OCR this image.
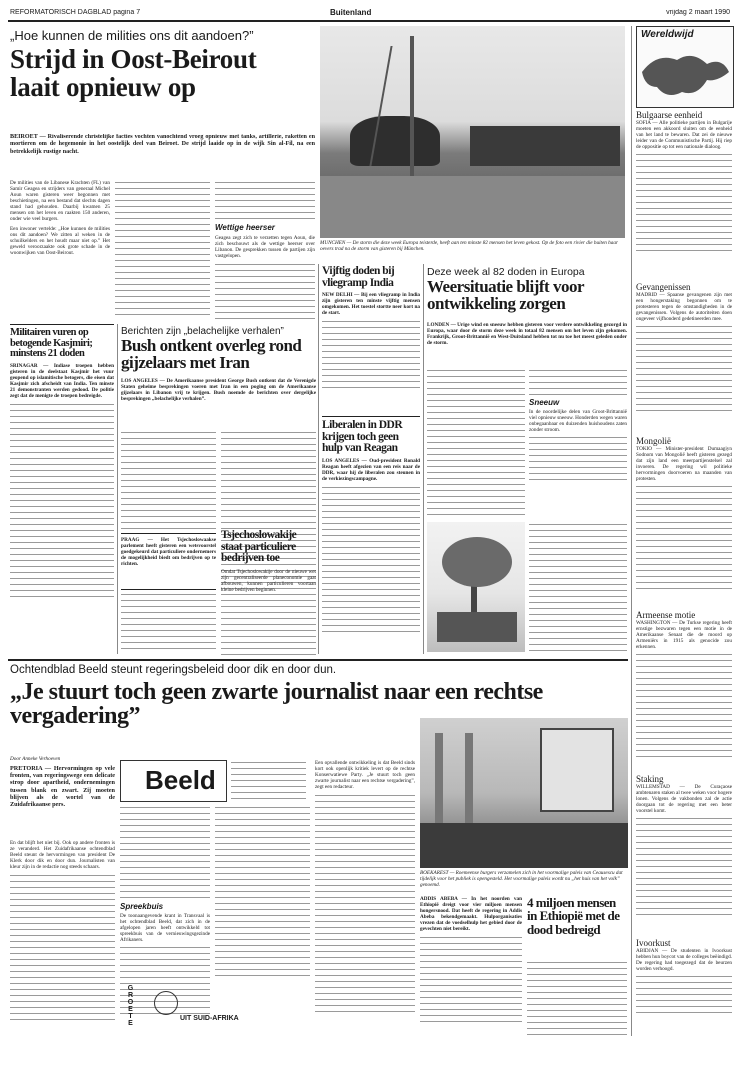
REFORMATORISCH DAGBLAD pagina 7	Buitenland	vrijdag 2 maart 1990
„Hoe kunnen de milities ons dit aandoen?”
Strijd in Oost-Beirout laait opnieuw op
BEIROET — Rivaliserende christelijke facties vochten vanochtend vroeg opnieuw met tanks, artillerie, raketten en mortieren om de hegemonie in het oostelijk deel van Beiroet. De strijd laaide op in de wijk Sin al-Fil, na een betrekkelijk rustige nacht.
De milities van de Libanese Krachten (FL) van Samir Geagea en strijders van generaal Michel Aoun waren gisteren weer begonnen met beschietingen, na een bestand dat slechts dagen stand had gehouden. Daarbij kwamen 25 mensen om het leven en raakten 150 anderen, onder wie veel burgers.
Een inwoner vertelde: „Hoe kunnen de milities ons dit aandoen? We zitten al weken in de schuilkelders en het houdt maar niet op.” Het geweld veroorzaakte ook grote schade in de woonwijken van Oost-Beirout.
Wettige heerser
Geagea zegt zich te verzetten tegen Aoun, die zich beschouwt als de wettige heerser over Libanon. De gesprekken tussen de partijen zijn vastgelopen.
MÜNCHEN — De storm die deze week Europa teisterde, heeft aan ten minste 82 mensen het leven gekost. Op de foto een rivier die buiten haar oevers trad na de storm van gisteren bij München.
Wereldwijd
Bulgaarse eenheid
SOFIA — Alle politieke partijen in Bulgarije moeten een akkoord sluiten om de eenheid van het land te bewaren. Dat zei de nieuwe leider van de Communistische Partij. Hij riep de oppositie op tot een nationale dialoog.
Gevangenissen
MADRID — Spaanse gevangenen zijn met een hongerstaking begonnen om te protesteren tegen de omstandigheden in de gevangenissen. Volgens de autoriteiten doen ongeveer vijfhonderd gedetineerden mee.
Mongolië
TOKIO — Minister-president Dumaagiyn Sodnom van Mongolië heeft gisteren gezegd dat zijn land een meerpartijenstelsel zal invoeren. De regering wil politieke hervormingen doorvoeren na maanden van protesten.
Armeense motie
WASHINGTON — De Turkse regering heeft ernstige bezwaren tegen een motie in de Amerikaanse Senaat die de moord op Armeniërs in 1915 als genocide zou erkennen.
Staking
WILLEMSTAD — De Curaçaose ambtenaren staken al twee weken voor hogere lonen. Volgens de vakbonden zal de actie doorgaan tot de regering met een beter voorstel komt.
Ivoorkust
ABIDJAN — De studenten in Ivoorkust hebben hun boycot van de colleges beëindigd. De regering had toegezegd dat de beurzen worden verhoogd.
Militairen vuren op betogende Kasjmiri; minstens 21 doden
SRINAGAR — Indiase troepen hebben gisteren in de deelstaat Kasjmir het vuur geopend op islamitische betogers, die eisen dat Kasjmir zich afscheidt van India. Ten minste 21 demonstranten werden gedood. De politie zegt dat de menigte de troepen bedreigde.
Berichten zijn „belachelijke verhalen”
Bush ontkent overleg rond gijzelaars met Iran
LOS ANGELES — De Amerikaanse president George Bush ontkent dat de Verenigde Staten geheime besprekingen voeren met Iran in een poging om de Amerikaanse gijzelaars in Libanon vrij te krijgen. Bush noemde de berichten over dergelijke besprekingen „belachelijke verhalen”.
PRAAG — Het Tsjechoslowaakse parlement heeft gisteren een wetsvoorstel goedgekeurd dat particuliere ondernemers de mogelijkheid biedt om bedrijven op te richten.
Tsjechoslowakije staat particuliere bedrijven toe
Omdat Tsjechoslowakije door de nieuwe wet zijn gecentraliseerde planeconomie gaat afbouwen, kunnen particulieren voortaan kleine bedrijven beginnen.
Vijftig doden bij vliegramp India
NEW DELHI — Bij een vliegramp in India zijn gisteren ten minste vijftig mensen omgekomen. Het toestel stortte neer kort na de start.
Liberalen in DDR krijgen toch geen hulp van Reagan
LOS ANGELES — Oud-president Ronald Reagan heeft afgezien van een reis naar de DDR, waar hij de liberalen zou steunen in de verkiezingscampagne.
Deze week al 82 doden in Europa
Weersituatie blijft voor ontwikkeling zorgen
LONDEN — Urige wind en sneeuw hebben gisteren voor verdere ontwikkeling gezorgd in Europa, waar door de storm deze week in totaal 82 mensen om het leven zijn gekomen. Frankrijk, Groot-Brittannië en West-Duitsland hebben tot nu toe het meest geleden onder de storm.
Sneeuw
In de noordelijke delen van Groot-Brittannië viel opnieuw sneeuw. Honderden wegen waren onbegaanbaar en duizenden huishoudens zaten zonder stroom.
Ochtendblad Beeld steunt regeringsbeleid door dik en door dun.
„Je stuurt toch geen zwarte journalist naar een rechtse vergadering”
Door Anneke Verhoeven
PRETORIA — Hervormingen op vele fronten, van regeringswege een delicate strop door apartheid, ondernemingen tussen blank en zwart. Zij moeten blijven als de wortel van de Zuidafrikaanse pers.
En dat blijft het niet bij. Ook op andere fronten is ze veranderd. Het Zuidafrikaanse ochtendblad Beeld steunt de hervormingen van president De Klerk door dik en door dun. Journalisten van kleur zijn in de redactie nog steeds schaars.
Beeld
Spreekbuis
De toonaangevende krant in Transvaal is het ochtendblad Beeld, dat zich in de afgelopen jaren heeft ontwikkeld tot spreekbuis van de vernieuwingsgezinde Afrikaners.
GROETE	UIT SUID-AFRIKA
Een opvallende ontwikkeling is dat Beeld sinds kort ook openlijk kritiek levert op de rechtse Konserwatiewe Party. „Je stuurt toch geen zwarte journalist naar een rechtse vergadering”, zegt een redacteur.
BOEKAREST — Roemeense burgers verzamelen zich in het voormalige paleis van Ceausescu dat tijdelijk voor het publiek is opengesteld. Het voormalige paleis wordt nu „het huis van het volk” genoemd.
ADDIS ABEBA — In het noorden van Ethiopië dreigt voor vier miljoen mensen hongersnood. Dat heeft de regering in Addis Abeba bekendgemaakt. Hulporganisaties vrezen dat de voedselhulp het gebied door de gevechten niet bereikt.
4 miljoen mensen in Ethiopië met de dood bedreigd
